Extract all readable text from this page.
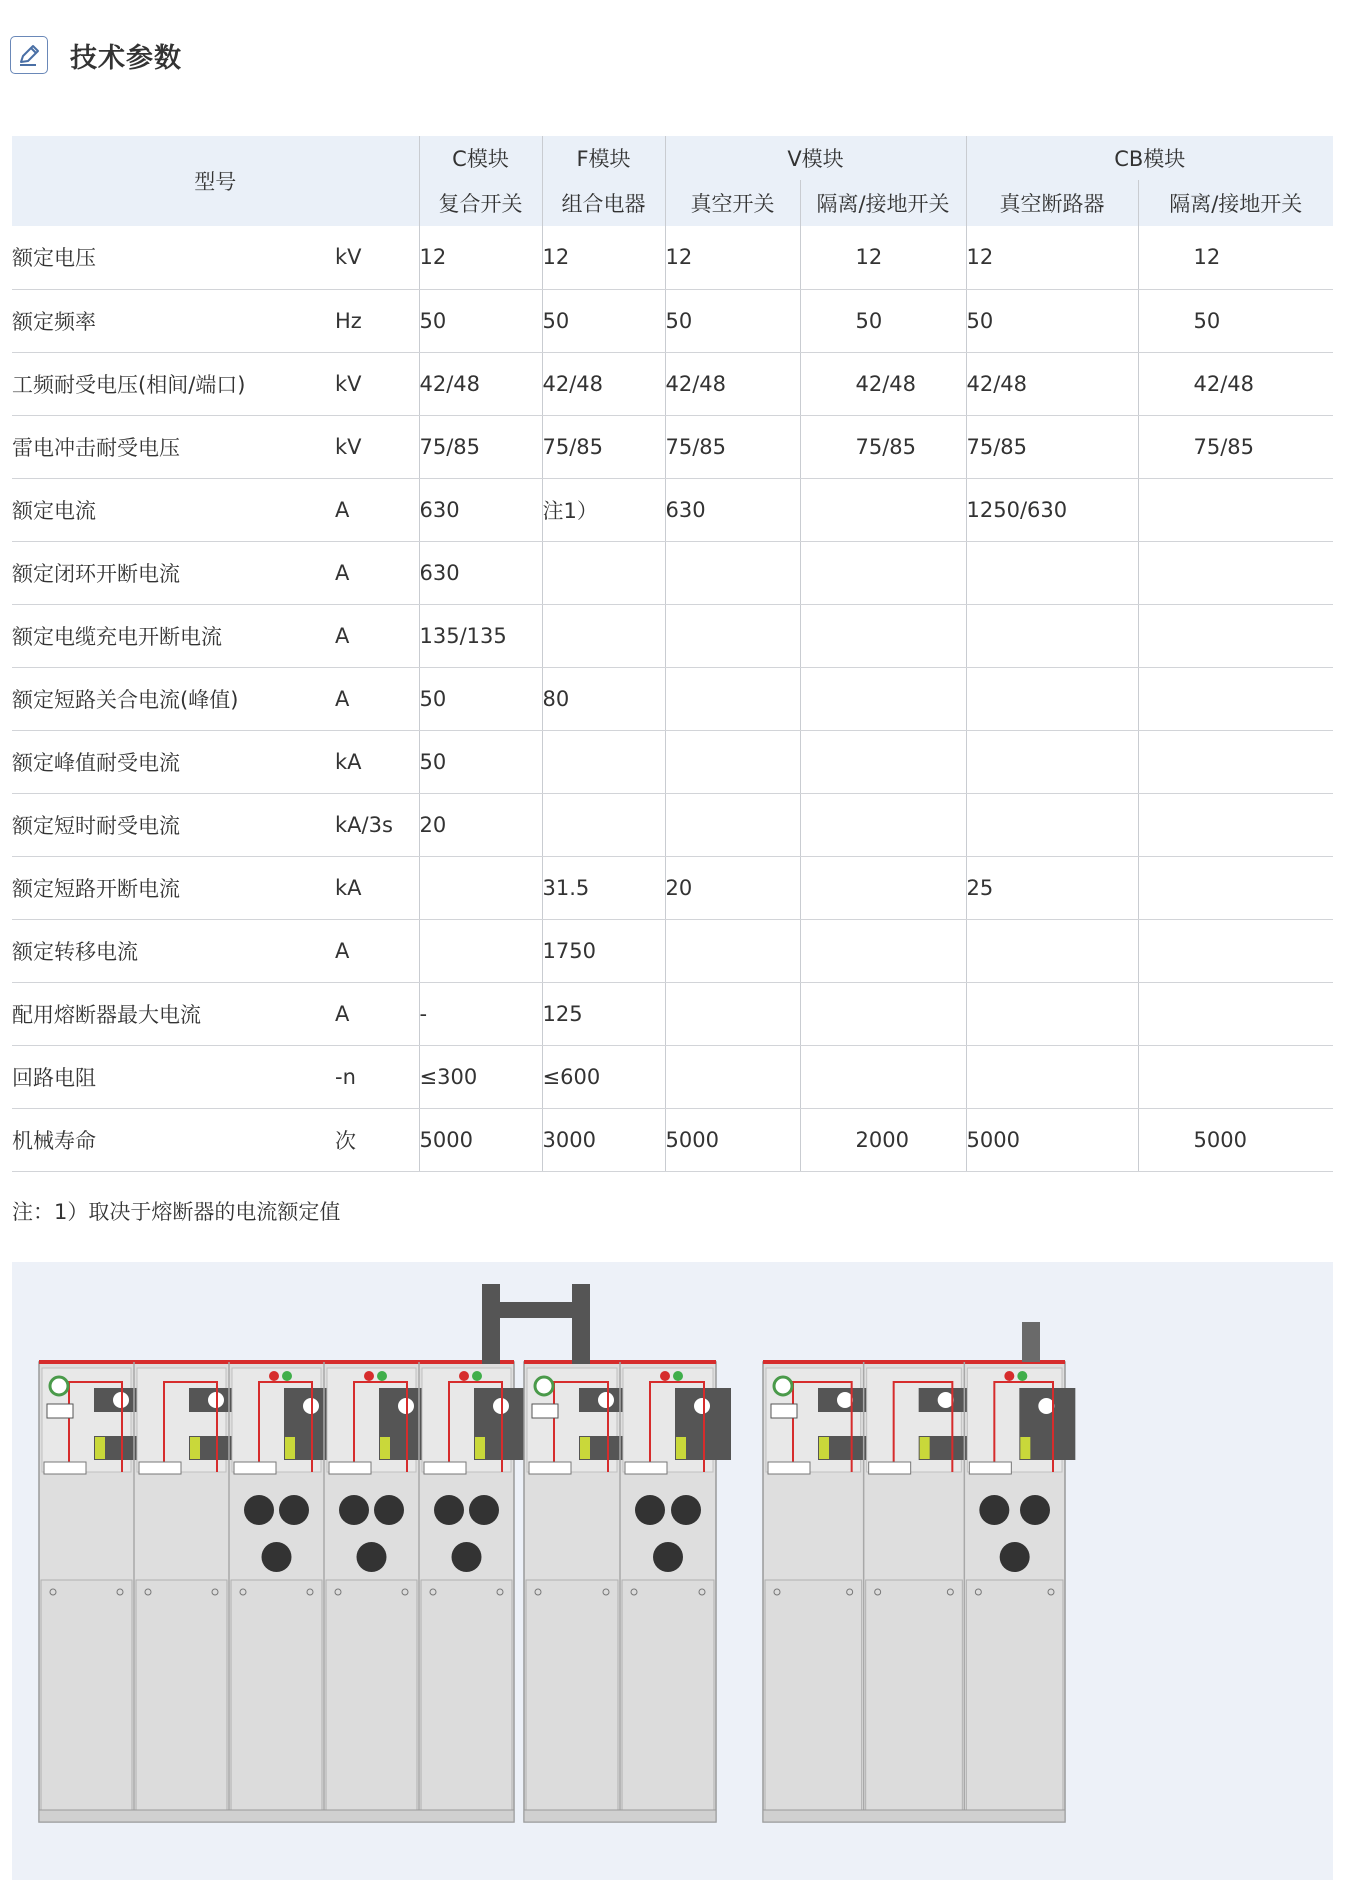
技术参数
型号		C模块	F模块	V模块		CB模块	
		复合开关	组合电器	真空开关	隔离/接地开关	真空断路器	隔离/接地开关
额定电压	kV	12	12	12	12	12	12
额定频率	Hz	50	50	50	50	50	50
工频耐受电压(相间/端口)	kV	42/48	42/48	42/48	42/48	42/48	42/48
雷电冲击耐受电压	kV	75/85	75/85	75/85	75/85	75/85	75/85
额定电流	A	630	注1）	630		1250/630	
额定闭环开断电流	A	630					
额定电缆充电开断电流	A	135/135					
额定短路关合电流(峰值)	A	50	80				
额定峰值耐受电流	kA	50					
额定短时耐受电流	kA/3s	20					
额定短路开断电流	kA		31.5	20		25	
额定转移电流	A		1750				
配用熔断器最大电流	A	-	125				
回路电阻	-n	≤300	≤600				
机械寿命	次	5000	3000	5000	2000	5000	5000
注：1）取决于熔断器的电流额定值
